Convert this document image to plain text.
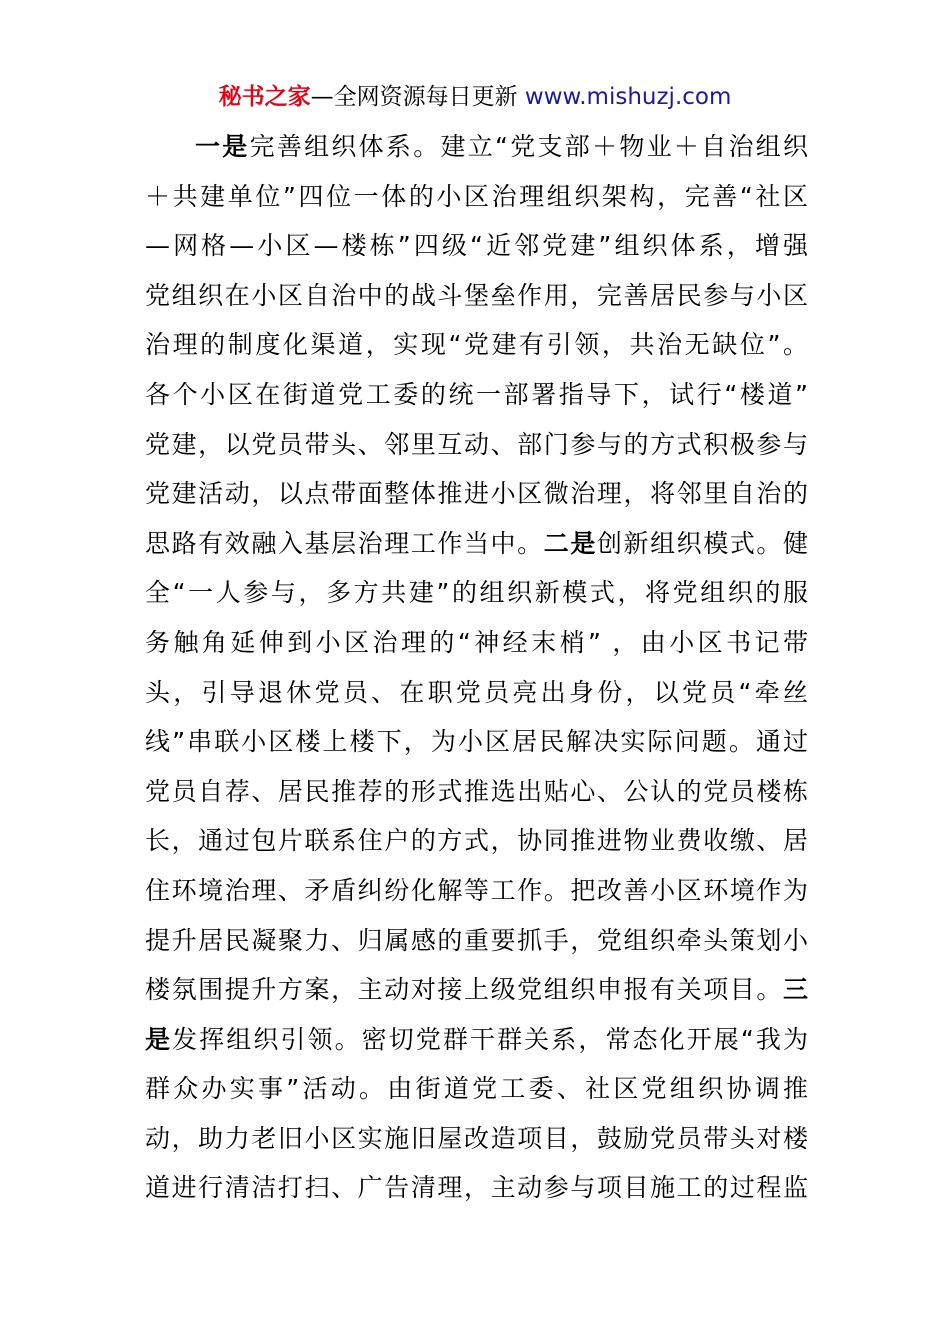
秘书之家—全网资源每日更新 www.mishuzj.com
一是完善组织体系。建立“党支部＋物业＋自治组织
＋共建单位”四位一体的小区治理组织架构，完善“社区
—网格—小区—楼栋”四级“近邻党建”组织体系，增强
党组织在小区自治中的战斗堡垒作用，完善居民参与小区
治理的制度化渠道，实现“党建有引领，共治无缺位”。
各个小区在街道党工委的统一部署指导下，试行“楼道”
党建，以党员带头、邻里互动、部门参与的方式积极参与
党建活动，以点带面整体推进小区微治理，将邻里自治的
思路有效融入基层治理工作当中。二是创新组织模式。健
全“一人参与，多方共建”的组织新模式，将党组织的服
务触角延伸到小区治理的“神经末梢” ，由小区书记带
头，引导退休党员、在职党员亮出身份，以党员“牵丝
线”串联小区楼上楼下，为小区居民解决实际问题。通过
党员自荐、居民推荐的形式推选出贴心、公认的党员楼栋
长，通过包片联系住户的方式，协同推进物业费收缴、居
住环境治理、矛盾纠纷化解等工作。把改善小区环境作为
提升居民凝聚力、归属感的重要抓手，党组织牵头策划小
楼氛围提升方案，主动对接上级党组织申报有关项目。三
是发挥组织引领。密切党群干群关系，常态化开展“我为
群众办实事”活动。由街道党工委、社区党组织协调推
动，助力老旧小区实施旧屋改造项目，鼓励党员带头对楼
道进行清洁打扫、广告清理，主动参与项目施工的过程监
